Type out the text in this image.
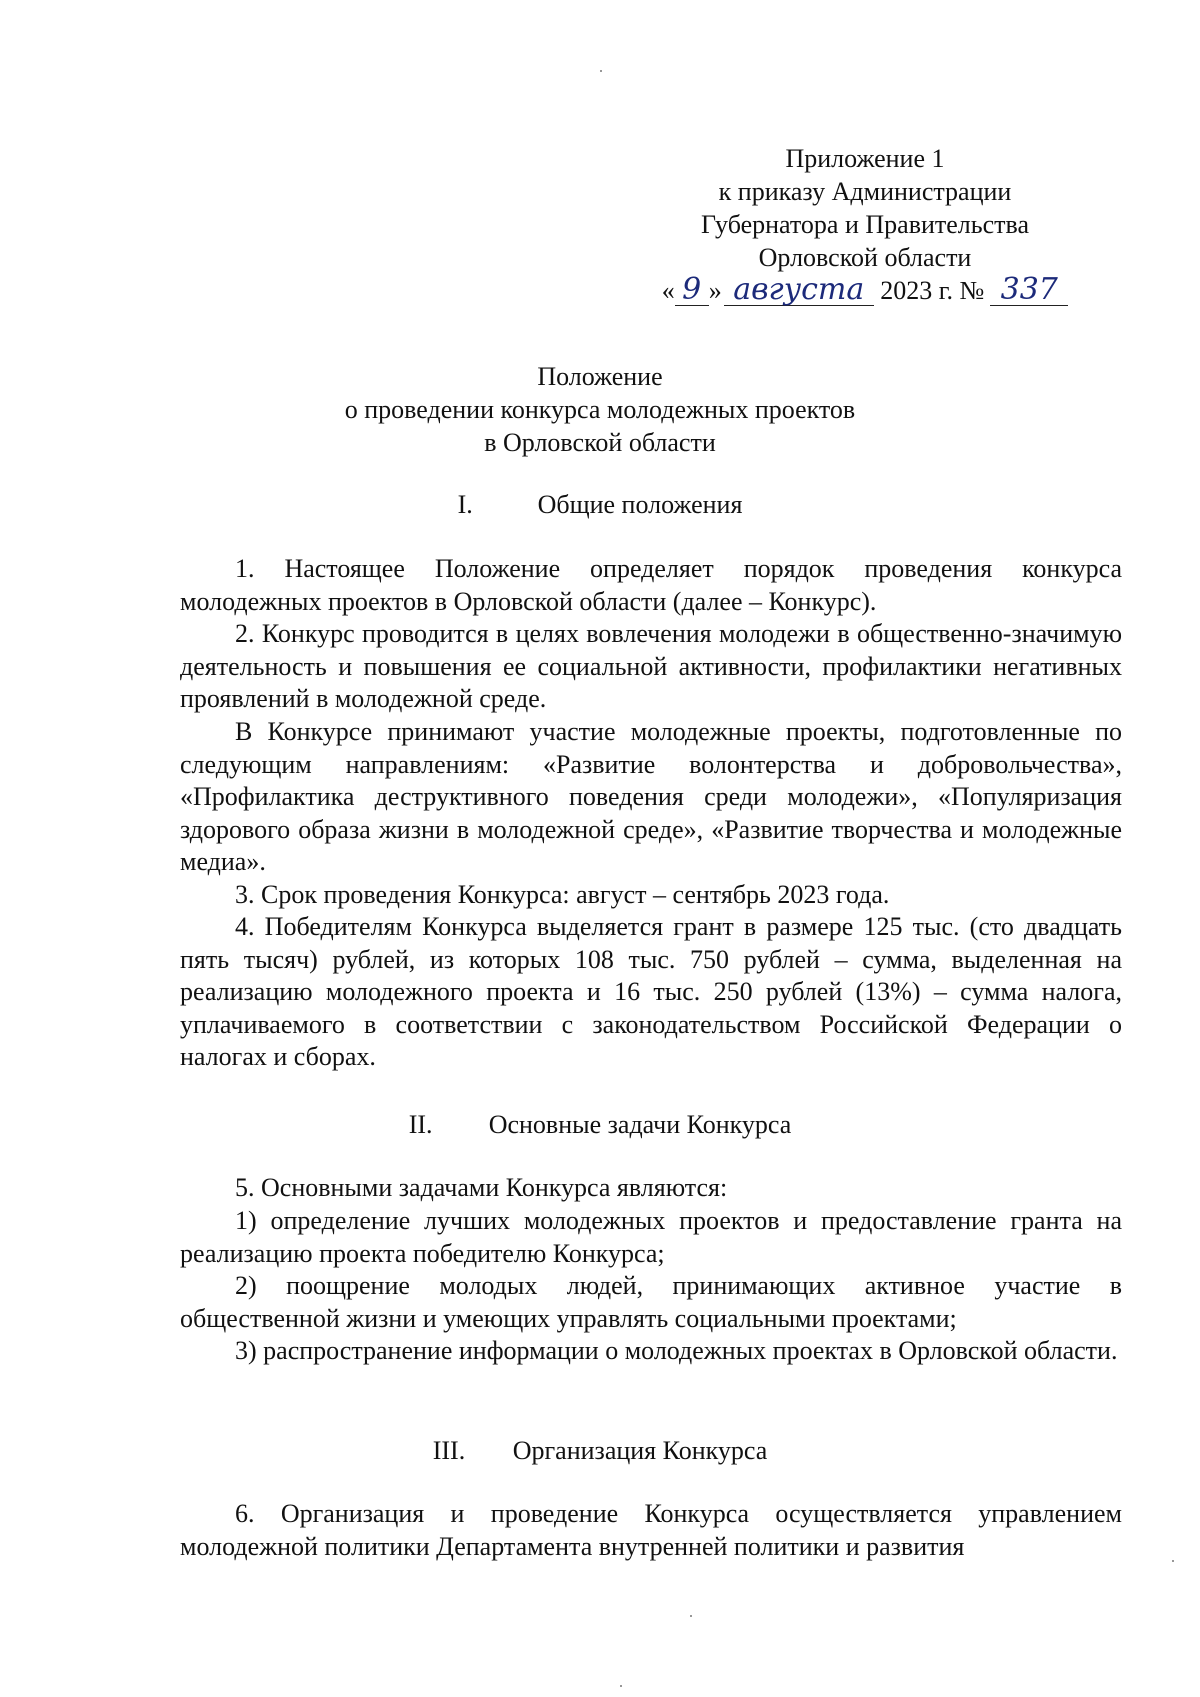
Приложение 1
к приказу Администрации
Губернатора и Правительства
Орловской области
« 9 » августа 2023 г. № 337
Положение
о проведении конкурса молодежных проектов
в Орловской области
I. Общие положения

1. Настоящее Положение определяет порядок проведения конкурса молодежных проектов в Орловской области (далее – Конкурс).

2. Конкурс проводится в целях вовлечения молодежи в общественно-значимую деятельность и повышения ее социальной активности, профилактики негативных проявлений в молодежной среде.

В Конкурсе принимают участие молодежные проекты, подготовленные по следующим направлениям: «Развитие волонтерства и добровольчества», «Профилактика деструктивного поведения среди молодежи», «Популяризация здорового образа жизни в молодежной среде», «Развитие творчества и молодежные медиа».

3. Срок проведения Конкурса: август – сентябрь 2023 года.

4. Победителям Конкурса выделяется грант в размере 125 тыс. (сто двадцать пять тысяч) рублей, из которых 108 тыс. 750 рублей – сумма, выделенная на реализацию молодежного проекта и 16 тыс. 250 рублей (13%) – сумма налога, уплачиваемого в соответствии с законодательством Российской Федерации о налогах и сборах.

II. Основные задачи Конкурса

5. Основными задачами Конкурса являются:

1) определение лучших молодежных проектов и предоставление гранта на реализацию проекта победителю Конкурса;

2) поощрение молодых людей, принимающих активное участие в общественной жизни и умеющих управлять социальными проектами;

3) распространение информации о молодежных проектах в Орловской области.

III. Организация Конкурса

6. Организация и проведение Конкурса осуществляется управлением молодежной политики Департамента внутренней политики и развития
